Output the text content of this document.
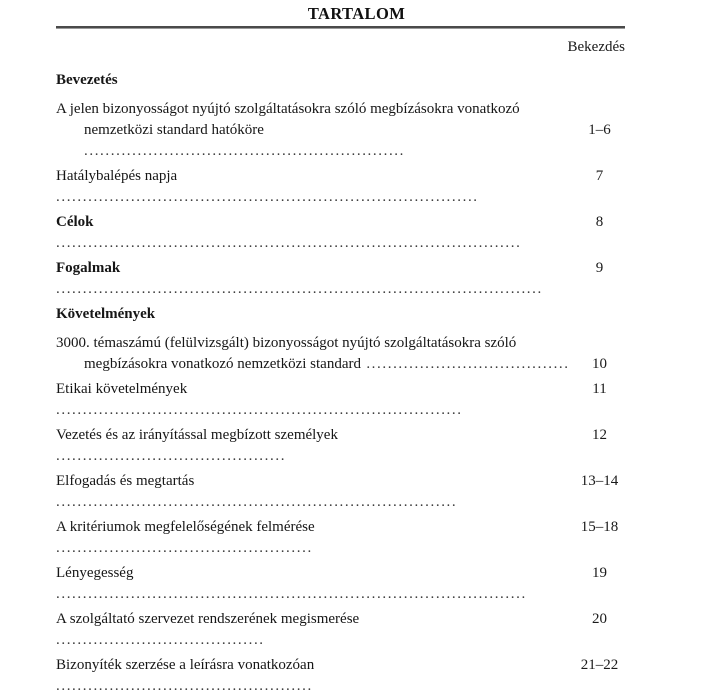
TARTALOM
Bekezdés
Bevezetés
A jelen bizonyosságot nyújtó szolgáltatásokra szóló megbízásokra vonatkozó nemzetközi standard hatóköre ............................................................
1–6
Hatálybalépés napja ...............................................................................
7
Célok .......................................................................................
8
Fogalmak ...........................................................................................
9
Követelmények
3000. témaszámú (felülvizsgált) bizonyosságot nyújtó szolgáltatásokra szóló megbízásokra vonatkozó nemzetközi standard ......................................	10
Etikai követelmények ............................................................................
11
Vezetés és az irányítással megbízott személyek ...........................................
12
Elfogadás és megtartás ...........................................................................
13–14
A kritériumok megfelelőségének felmérése ................................................
15–18
Lényegesség ........................................................................................
19
A szolgáltató szervezet rendszerének megismerése .......................................
20
Bizonyíték szerzése a leírásra vonatkozóan ................................................
21–22
